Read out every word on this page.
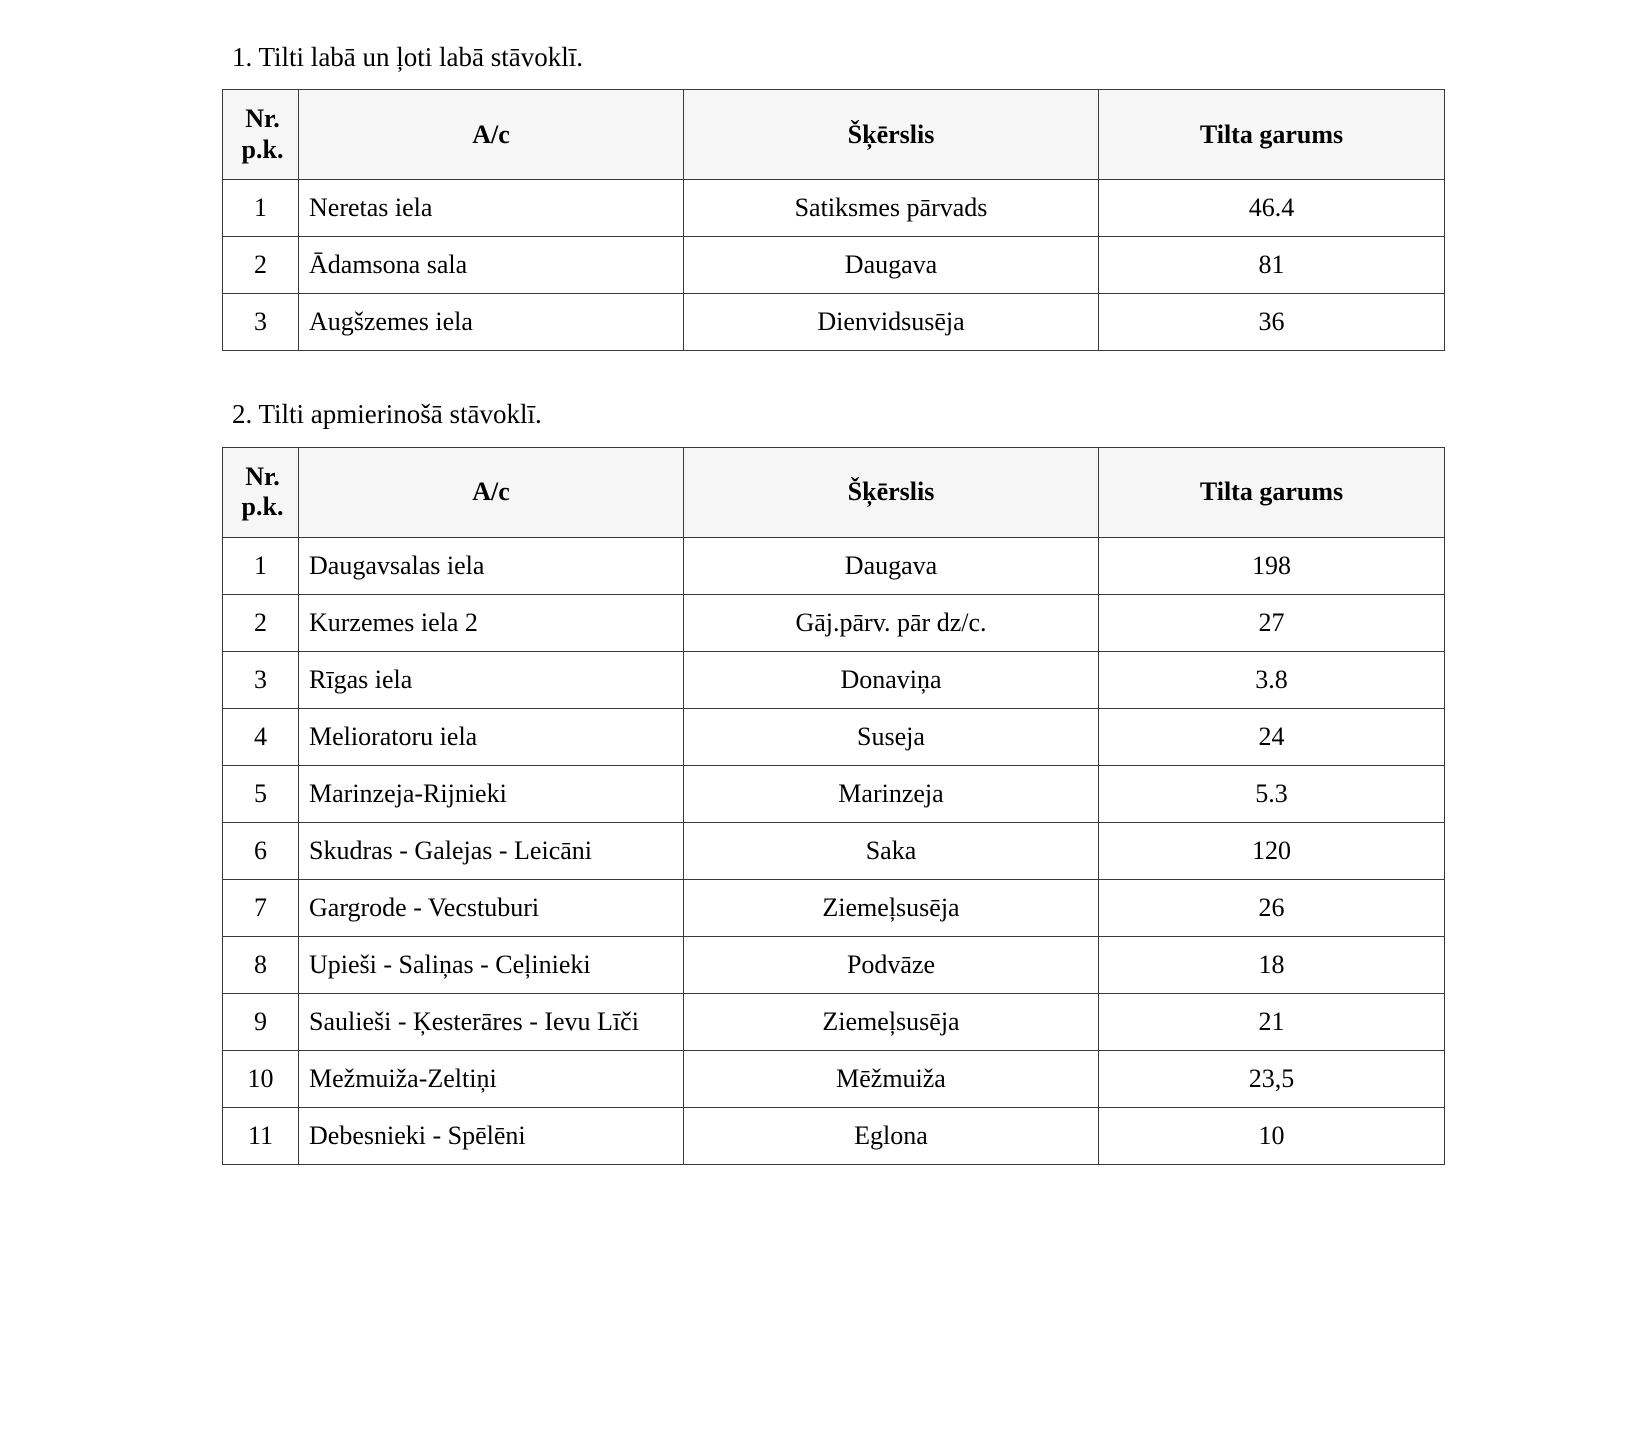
1. Tilti labā un ļoti labā stāvoklī.

Nr. p.k.	A/c	Šķērslis	Tilta garums
1	Neretas iela	Satiksmes pārvads	46.4
2	Ādamsona sala	Daugava	81
3	Augšzemes iela	Dienvidsusēja	36

2. Tilti apmierinošā stāvoklī.

Nr. p.k.	A/c	Šķērslis	Tilta garums
1	Daugavsalas iela	Daugava	198
2	Kurzemes iela 2	Gāj.pārv. pār dz/c.	27
3	Rīgas iela	Donaviņa	3.8
4	Melioratoru iela	Suseja	24
5	Marinzeja-Rijnieki	Marinzeja	5.3
6	Skudras - Galejas - Leicāni	Saka	120
7	Gargrode - Vecstuburi	Ziemeļsusēja	26
8	Upieši - Saliņas - Ceļinieki	Podvāze	18
9	Saulieši - Ķesterāres - Ievu Līči	Ziemeļsusēja	21
10	Mežmuiža-Zeltiņi	Mēžmuiža	23,5
11	Debesnieki - Spēlēni	Eglona	10
